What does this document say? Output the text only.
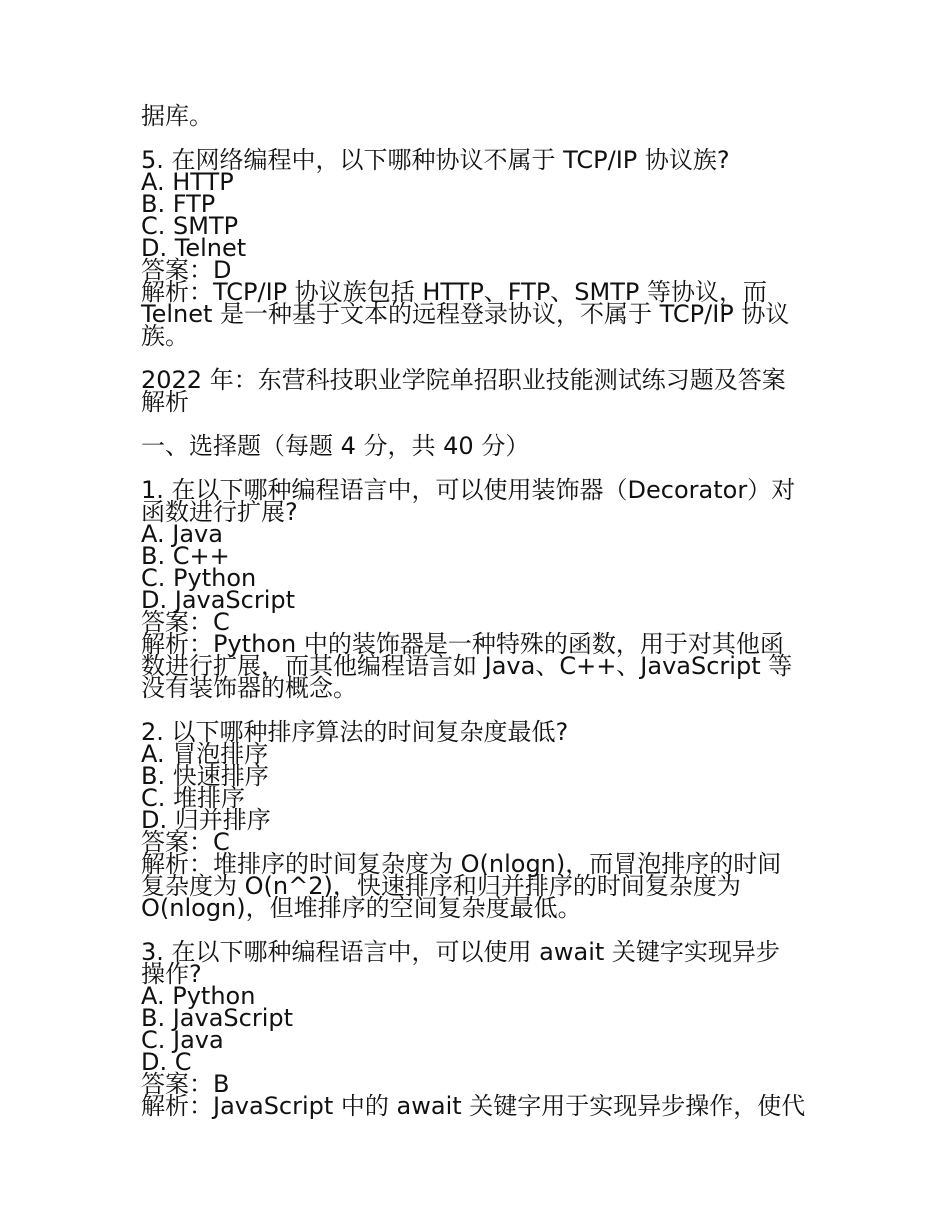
据库。
5. 在网络编程中，以下哪种协议不属于 TCP/IP 协议族?
A. HTTP
B. FTP
C. SMTP
D. Telnet
答案：D
解析：TCP/IP 协议族包括 HTTP、FTP、SMTP 等协议，而
Telnet 是一种基于文本的远程登录协议，不属于 TCP/IP 协议
族。
2022 年：东营科技职业学院单招职业技能测试练习题及答案
解析
一、选择题（每题 4 分，共 40 分）
1. 在以下哪种编程语言中，可以使用装饰器（Decorator）对
函数进行扩展?
A. Java
B. C++
C. Python
D. JavaScript
答案：C
解析：Python 中的装饰器是一种特殊的函数，用于对其他函
数进行扩展，而其他编程语言如 Java、C++、JavaScript 等
没有装饰器的概念。
2. 以下哪种排序算法的时间复杂度最低?
A. 冒泡排序
B. 快速排序
C. 堆排序
D. 归并排序
答案：C
解析：堆排序的时间复杂度为 O(nlogn)，而冒泡排序的时间
复杂度为 O(n^2)，快速排序和归并排序的时间复杂度为
O(nlogn)，但堆排序的空间复杂度最低。
3. 在以下哪种编程语言中，可以使用 await 关键字实现异步
操作?
A. Python
B. JavaScript
C. Java
D. C
答案：B
解析：JavaScript 中的 await 关键字用于实现异步操作，使代
